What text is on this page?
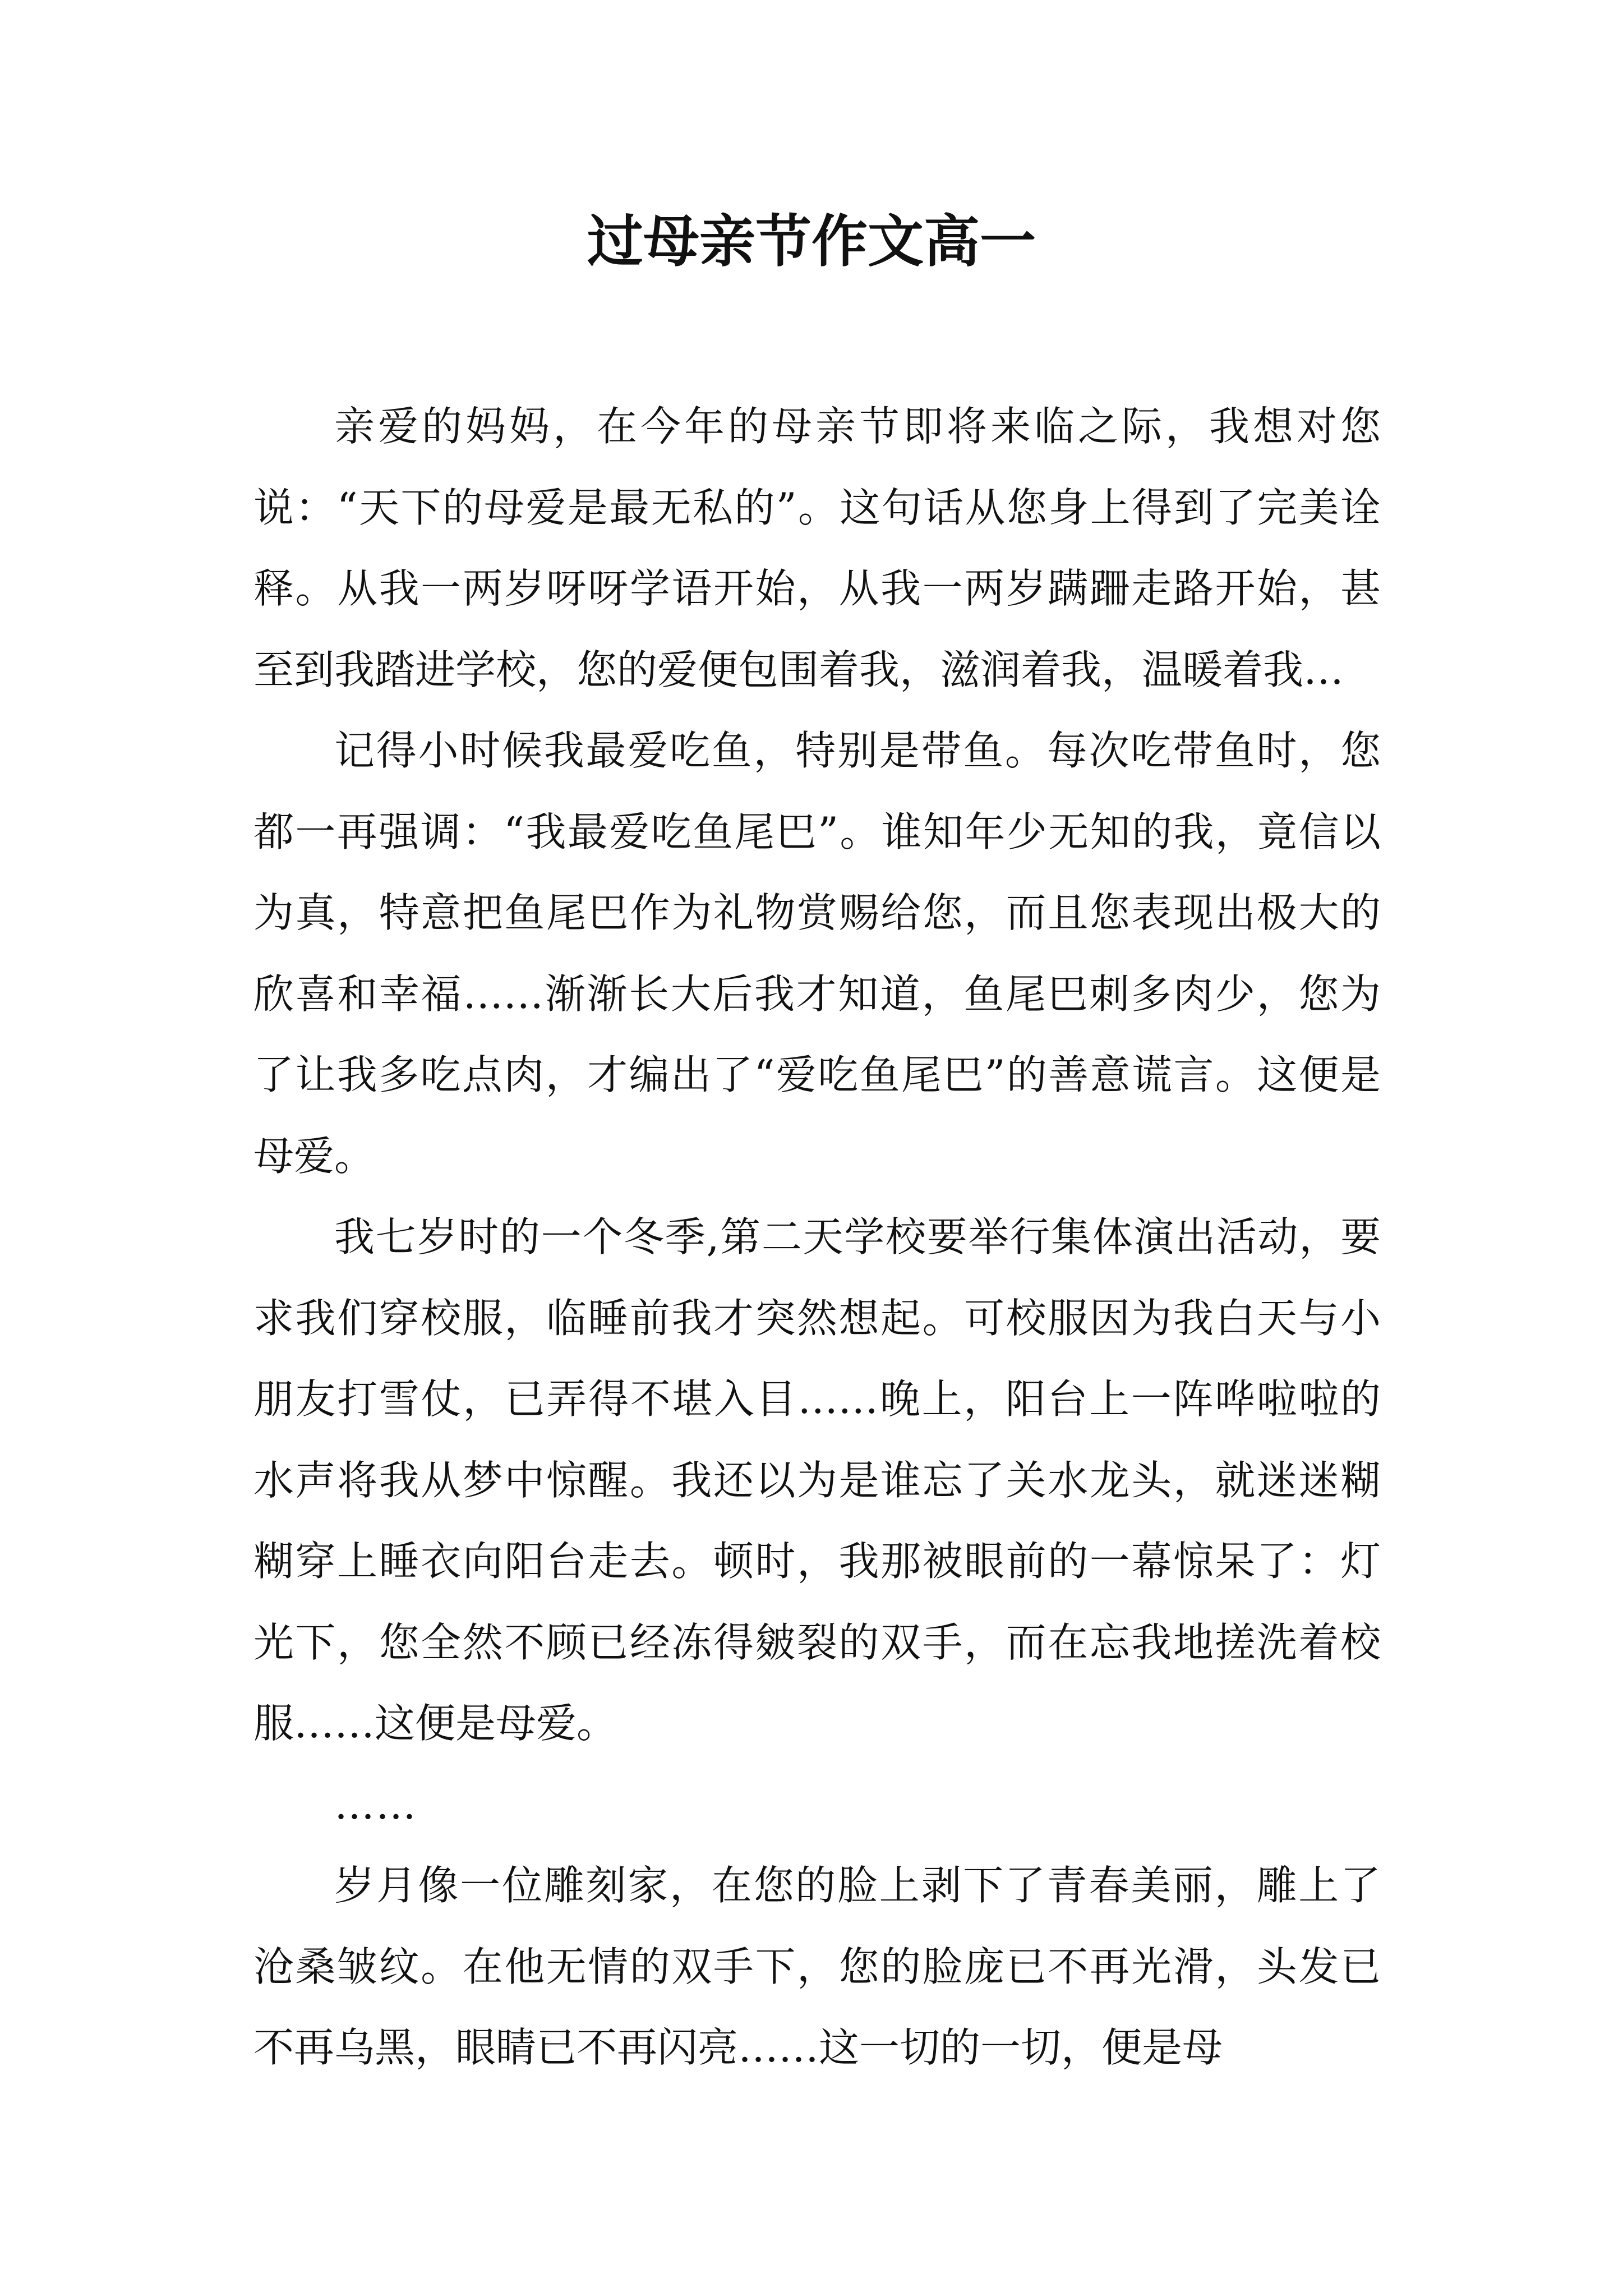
过母亲节作文高一

亲爱的妈妈，在今年的母亲节即将来临之际，我想对您说：“天下的母爱是最无私的”。这句话从您身上得到了完美诠释。从我一两岁呀呀学语开始，从我一两岁蹒跚走路开始，甚至到我踏进学校，您的爱便包围着我，滋润着我，温暖着我…

记得小时候我最爱吃鱼，特别是带鱼。每次吃带鱼时，您都一再强调：“我最爱吃鱼尾巴”。谁知年少无知的我，竟信以为真，特意把鱼尾巴作为礼物赏赐给您，而且您表现出极大的欣喜和幸福……渐渐长大后我才知道，鱼尾巴刺多肉少，您为了让我多吃点肉，才编出了“爱吃鱼尾巴”的善意谎言。这便是母爱。

我七岁时的一个冬季,第二天学校要举行集体演出活动，要求我们穿校服，临睡前我才突然想起。可校服因为我白天与小朋友打雪仗，已弄得不堪入目……晚上，阳台上一阵哗啦啦的水声将我从梦中惊醒。我还以为是谁忘了关水龙头，就迷迷糊糊穿上睡衣向阳台走去。顿时，我那被眼前的一幕惊呆了：灯光下，您全然不顾已经冻得皴裂的双手，而在忘我地搓洗着校服……这便是母爱。

……

岁月像一位雕刻家，在您的脸上剥下了青春美丽，雕上了沧桑皱纹。在他无情的双手下，您的脸庞已不再光滑，头发已不再乌黑，眼睛已不再闪亮……这一切的一切，便是母
